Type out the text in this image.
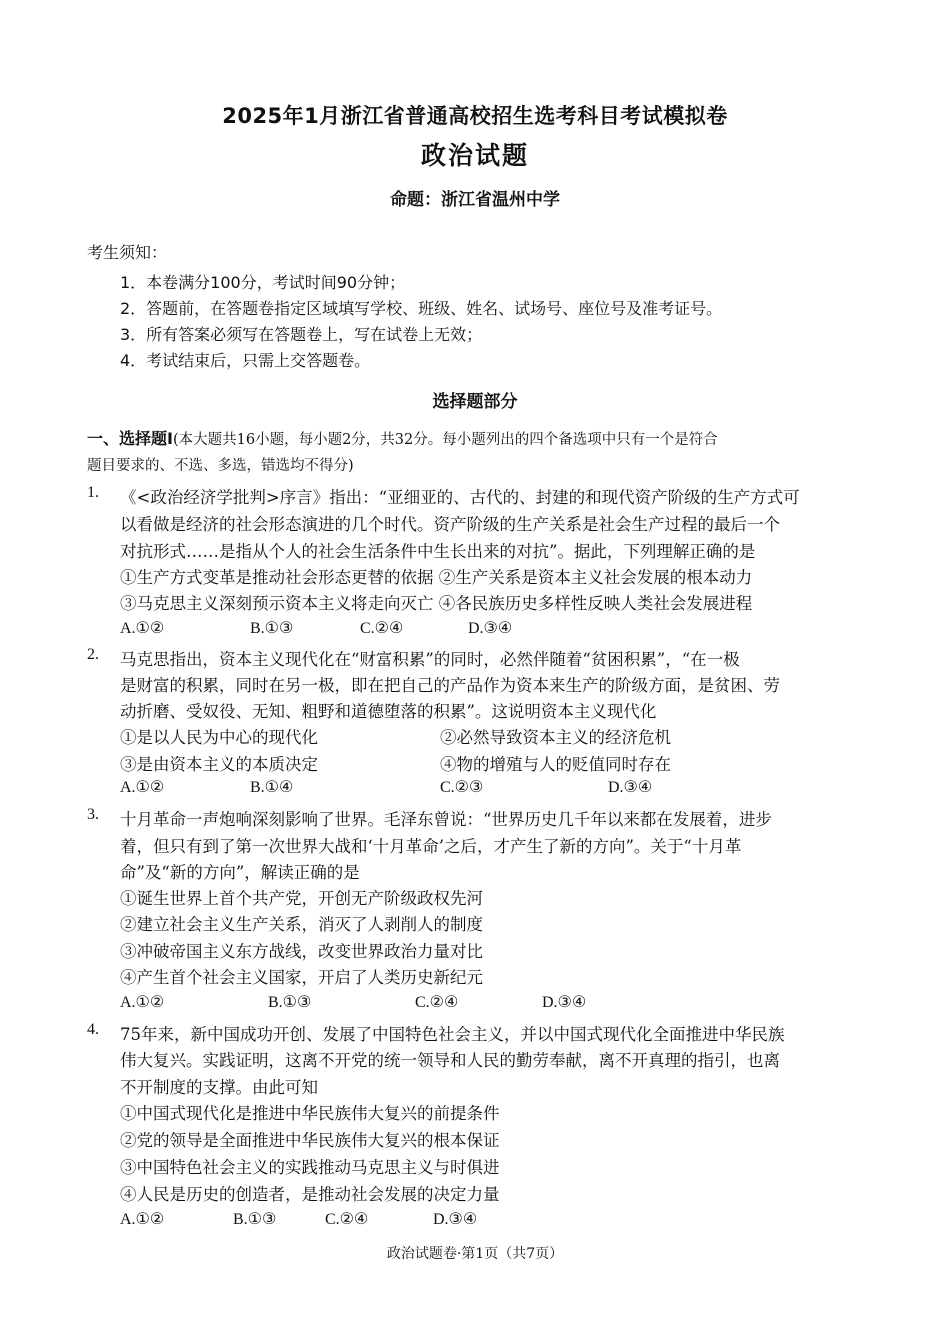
2025年1月浙江省普通高校招生选考科目考试模拟卷
政治试题
命题：浙江省温州中学
考生须知：
1．本卷满分100分，考试时间90分钟；
2．答题前，在答题卷指定区域填写学校、班级、姓名、试场号、座位号及准考证号。
3．所有答案必须写在答题卷上，写在试卷上无效；
4．考试结束后，只需上交答题卷。
选择题部分
一、选择题Ⅰ(本大题共16小题，每小题2分，共32分。每小题列出的四个备选项中只有一个是符合
题目要求的、不选、多选，错选均不得分)
1. 《<政治经济学批判>序言》指出：“亚细亚的、古代的、封建的和现代资产阶级的生产方式可
以看做是经济的社会形态演进的几个时代。资产阶级的生产关系是社会生产过程的最后一个
对抗形式……是指从个人的社会生活条件中生长出来的对抗”。据此，下列理解正确的是
①生产方式变革是推动社会形态更替的依据 ②生产关系是资本主义社会发展的根本动力
③马克思主义深刻预示资本主义将走向灭亡 ④各民族历史多样性反映人类社会发展进程
A.①②	B.①③	C.②④	D.③④
2. 马克思指出，资本主义现代化在“财富积累”的同时，必然伴随着“贫困积累”，“在一极
是财富的积累，同时在另一极，即在把自己的产品作为资本来生产的阶级方面，是贫困、劳
动折磨、受奴役、无知、粗野和道德堕落的积累”。这说明资本主义现代化
①是以人民为中心的现代化	②必然导致资本主义的经济危机
③是由资本主义的本质决定	④物的增殖与人的贬值同时存在
A.①②	B.①④	C.②③	D.③④
3. 十月革命一声炮响深刻影响了世界。毛泽东曾说：“世界历史几千年以来都在发展着，进步
着，但只有到了第一次世界大战和‘十月革命’之后，才产生了新的方向”。关于“十月革
命”及“新的方向”，解读正确的是
①诞生世界上首个共产党，开创无产阶级政权先河
②建立社会主义生产关系，消灭了人剥削人的制度
③冲破帝国主义东方战线，改变世界政治力量对比
④产生首个社会主义国家，开启了人类历史新纪元
A.①②	B.①③	C.②④	D.③④
4. 75年来，新中国成功开创、发展了中国特色社会主义，并以中国式现代化全面推进中华民族
伟大复兴。实践证明，这离不开党的统一领导和人民的勤劳奉献，离不开真理的指引，也离
不开制度的支撑。由此可知
①中国式现代化是推进中华民族伟大复兴的前提条件
②党的领导是全面推进中华民族伟大复兴的根本保证
③中国特色社会主义的实践推动马克思主义与时俱进
④人民是历史的创造者，是推动社会发展的决定力量
A.①②	B.①③	C.②④	D.③④
政治试题卷·第1页（共7页）
